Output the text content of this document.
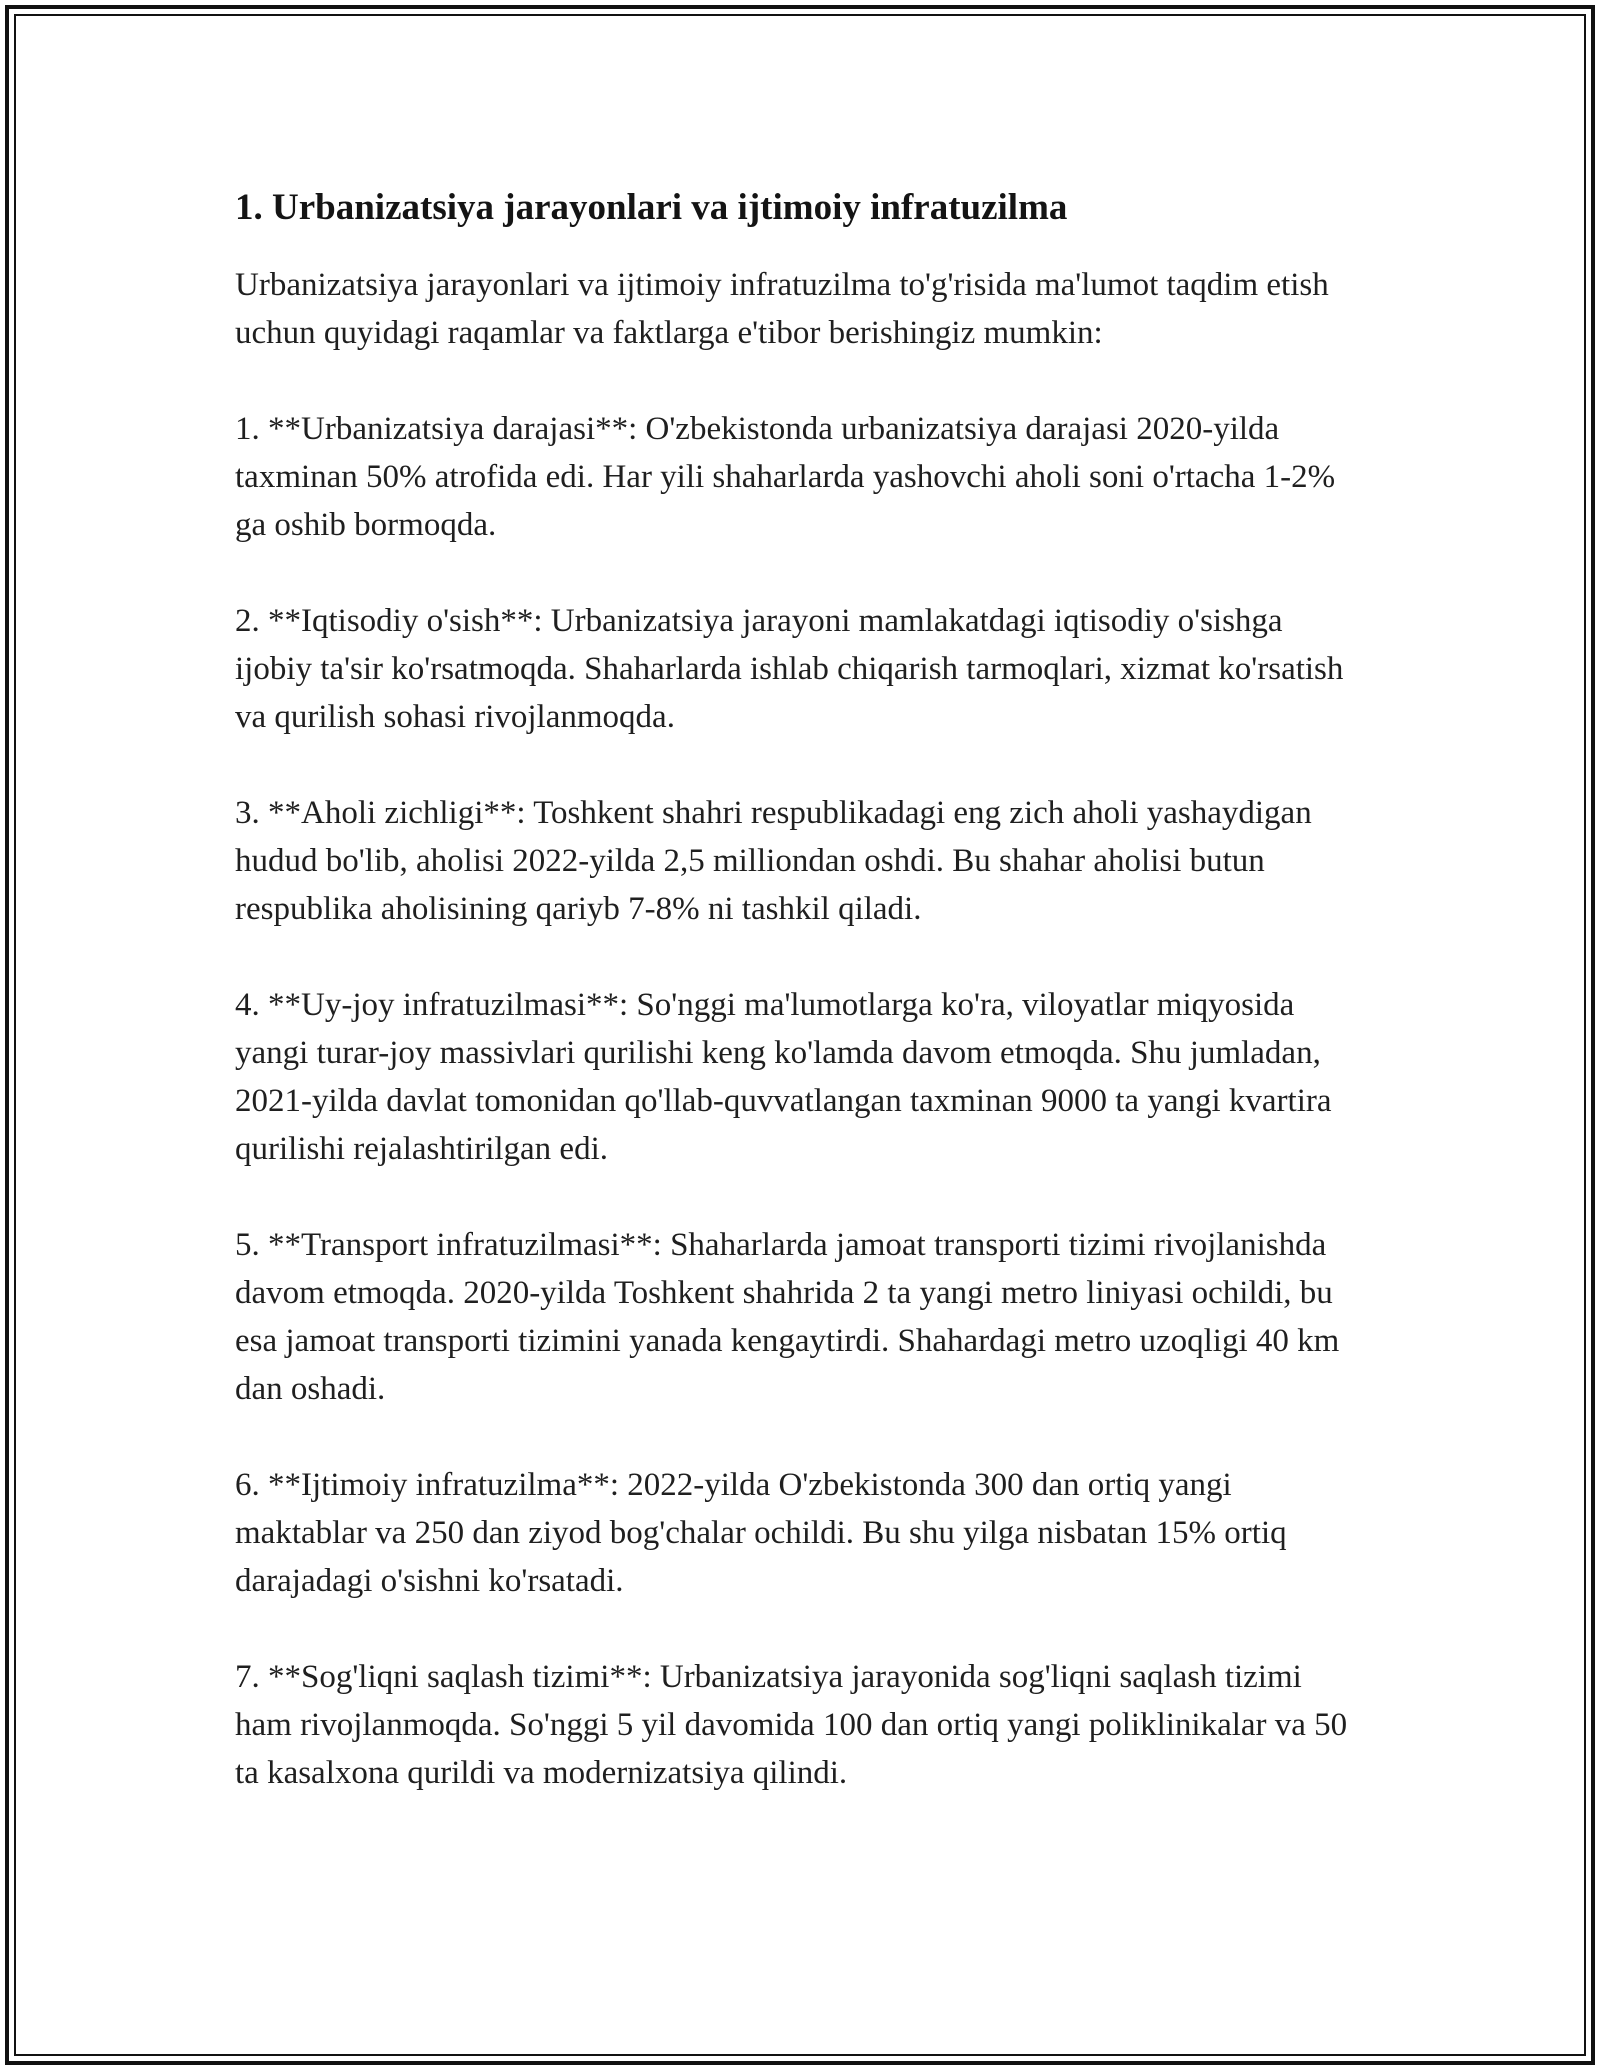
1. Urbanizatsiya jarayonlari va ijtimoiy infratuzilma

Urbanizatsiya jarayonlari va ijtimoiy infratuzilma to'g'risida ma'lumot taqdim etish uchun quyidagi raqamlar va faktlarga e'tibor berishingiz mumkin:

1. **Urbanizatsiya darajasi**: O'zbekistonda urbanizatsiya darajasi 2020-yilda taxminan 50% atrofida edi. Har yili shaharlarda yashovchi aholi soni o'rtacha 1-2% ga oshib bormoqda.

2. **Iqtisodiy o'sish**: Urbanizatsiya jarayoni mamlakatdagi iqtisodiy o'sishga ijobiy ta'sir ko'rsatmoqda. Shaharlarda ishlab chiqarish tarmoqlari, xizmat ko'rsatish va qurilish sohasi rivojlanmoqda.

3. **Aholi zichligi**: Toshkent shahri respublikadagi eng zich aholi yashaydigan hudud bo'lib, aholisi 2022-yilda 2,5 milliondan oshdi. Bu shahar aholisi butun respublika aholisining qariyb 7-8% ni tashkil qiladi.

4. **Uy-joy infratuzilmasi**: So'nggi ma'lumotlarga ko'ra, viloyatlar miqyosida yangi turar-joy massivlari qurilishi keng ko'lamda davom etmoqda. Shu jumladan, 2021-yilda davlat tomonidan qo'llab-quvvatlangan taxminan 9000 ta yangi kvartira qurilishi rejalashtirilgan edi.

5. **Transport infratuzilmasi**: Shaharlarda jamoat transporti tizimi rivojlanishda davom etmoqda. 2020-yilda Toshkent shahrida 2 ta yangi metro liniyasi ochildi, bu esa jamoat transporti tizimini yanada kengaytirdi. Shahardagi metro uzoqligi 40 km dan oshadi.

6. **Ijtimoiy infratuzilma**: 2022-yilda O'zbekistonda 300 dan ortiq yangi maktablar va 250 dan ziyod bog'chalar ochildi. Bu shu yilga nisbatan 15% ortiq darajadagi o'sishni ko'rsatadi.

7. **Sog'liqni saqlash tizimi**: Urbanizatsiya jarayonida sog'liqni saqlash tizimi ham rivojlanmoqda. So'nggi 5 yil davomida 100 dan ortiq yangi poliklinikalar va 50 ta kasalxona qurildi va modernizatsiya qilindi.
